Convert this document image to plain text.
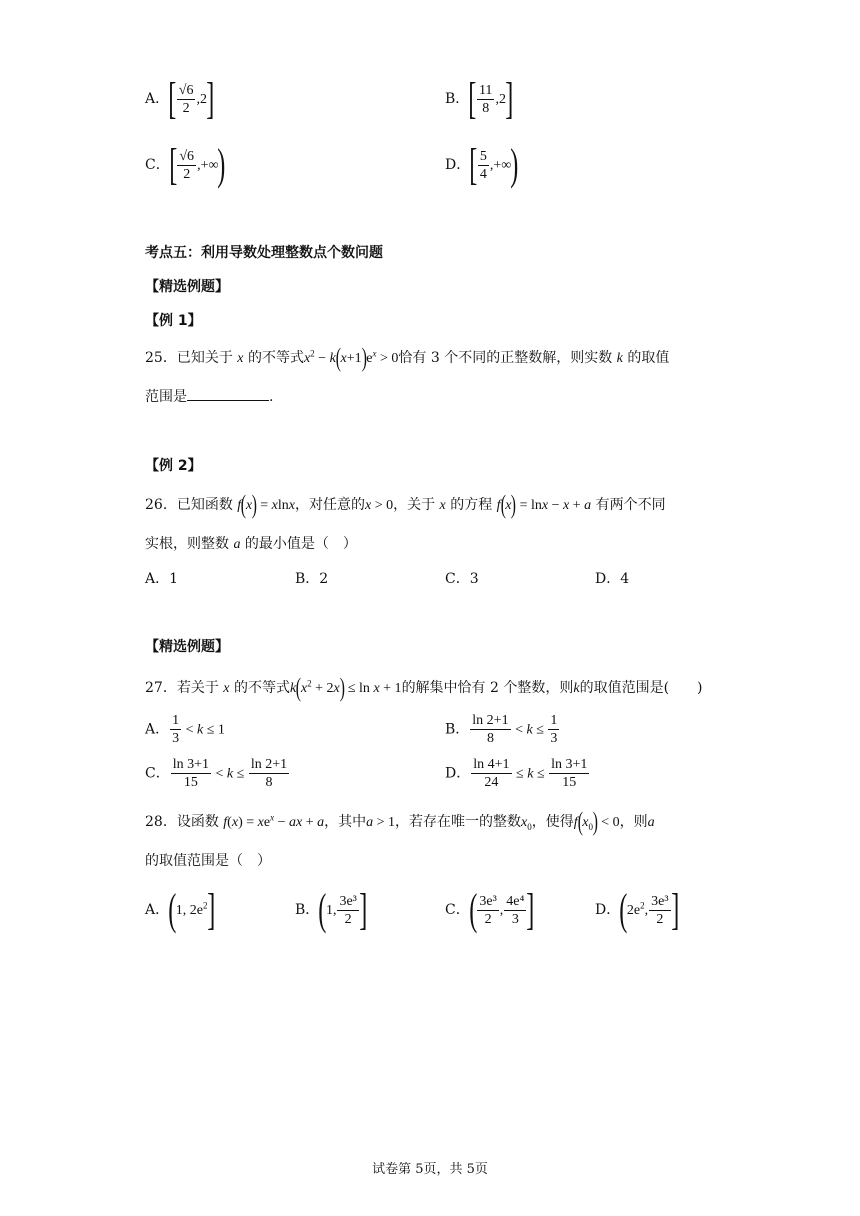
A．[ $\frac{√6}{2} ,2$]	B．[ $\frac{11}{8} ,2$]
C．[ $\frac{√6}{2}$ ,+∞)	D．[ $\frac{5}{4}$ ,+∞)
考点五：利用导数处理整数点个数问题
【精选例题】
【例 1】
25．已知关于 x 的不等式$x^2 - k(x+1)e^x > 0$恰有 3 个不同的正整数解，则实数 k 的取值
范围是	.
【例 2】
26．已知函数 f(x) = xlnx，对任意的x > 0，关于 x 的方程 f(x) = lnx − x + a 有两个不同
实根，则整数 a 的最小值是（　）
A．1	B．2	C．3	D．4
【精选例题】
27．若关于 x 的不等式$k(x^2 + 2x) \le \ln x + 1$的解集中恰有 2 个整数，则k的取值范围是(　　)
A． $\frac{1}{3} < k \le 1$	B． $\frac{\ln 2+1}{8} < k \le \frac{1}{3}$
C． $\frac{\ln 3+1}{15} < k \le \frac{\ln 2+1}{8}$	D． $\frac{\ln 4+1}{24} \le k \le \frac{\ln 3+1}{15}$
28．设函数 $f(x) = xe^x$ − ax + a，其中a > 1，若存在唯一的整数$x_0$，使得$f(x_0) < 0$，则a
的取值范围是（　）
A．(1, $2e^2$]	B．(1, $\frac{\text{3e³}}{2}$ ]	C．( $\frac{\text{3e³}}{2}$ , $\frac{\text{4e⁴}}{3}$ ]	D．($2e^2$, $\frac{\text{3e³}}{2}$ ]
试卷第 5页，共 5页
